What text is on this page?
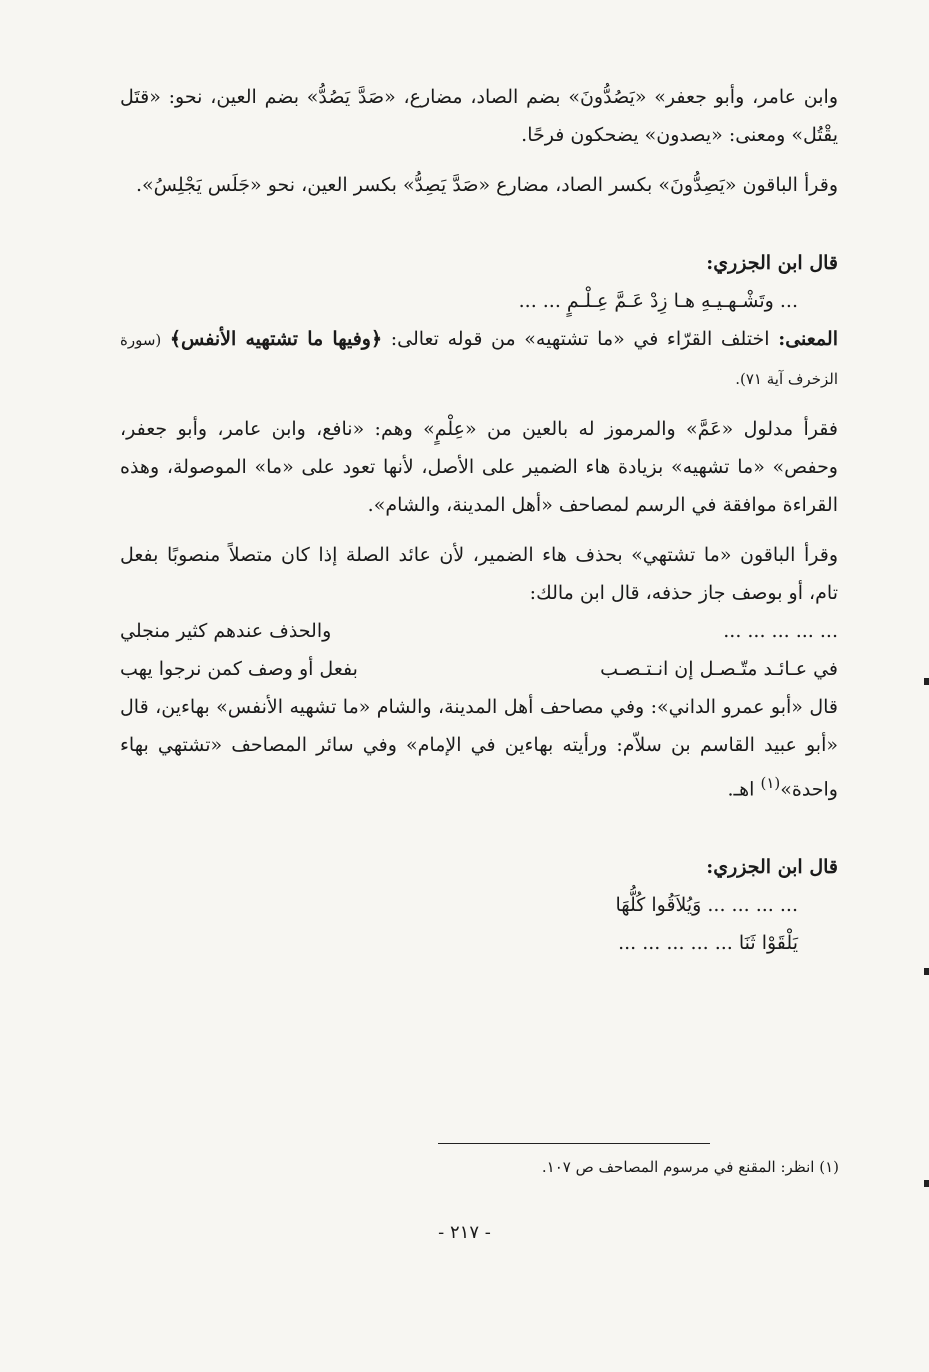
وابن عامر، وأبو جعفر» «يَصُدُّونَ» بضم الصاد، مضارع، «صَدَّ يَصُدُّ» بضم العين، نحو: «قتَل يقْتُل» ومعنى: «يصدون» يضحكون فرحًا.

وقرأ الباقون «يَصِدُّونَ» بكسر الصاد، مضارع «صَدَّ يَصِدُّ» بكسر العين، نحو «جَلَس يَجْلِسُ».

قال ابن الجزري:
... وتَشْـهـيـهِ هـا زِدْ عَـمَّ عِـلْـمٍ ... ...

المعنى: اختلف القرّاء في «ما تشتهيه» من قوله تعالى: ﴿وفيها ما تشتهيه الأنفس﴾ (سورة الزخرف آية ٧١).

فقرأ مدلول «عَمَّ» والمرموز له بالعين من «عِلْمٍ» وهم: «نافع، وابن عامر، وأبو جعفر، وحفص» «ما تشهيه» بزيادة هاء الضمير على الأصل، لأنها تعود على «ما» الموصولة، وهذه القراءة موافقة في الرسم لمصاحف «أهل المدينة، والشام».

وقرأ الباقون «ما تشتهي» بحذف هاء الضمير، لأن عائد الصلة إذا كان متصلاً منصوبًا بفعل تام، أو بوصف جاز حذفه، قال ابن مالك:

... ... ... ... ...
والحذف عندهم كثير منجلي
في عـائـد متّـصـل إن انـتـصـب
بفعل أو وصف كمن نرجوا يهب

قال «أبو عمرو الداني»: وفي مصاحف أهل المدينة، والشام «ما تشهيه الأنفس» بهاءين، قال «أبو عبيد القاسم بن سلاّم: ورأيته بهاءين في الإمام» وفي سائر المصاحف «تشتهي بهاء واحدة»$^{(١)}$ اهـ.

قال ابن الجزري:
... ... ... ... وَيُلاَقُوا كُلُّهَا
يَلْقَوْا ثَنَا ... ... ... ... ...
(١) انظر: المقنع في مرسوم المصاحف ص ١٠٧.
- ٢١٧ -
